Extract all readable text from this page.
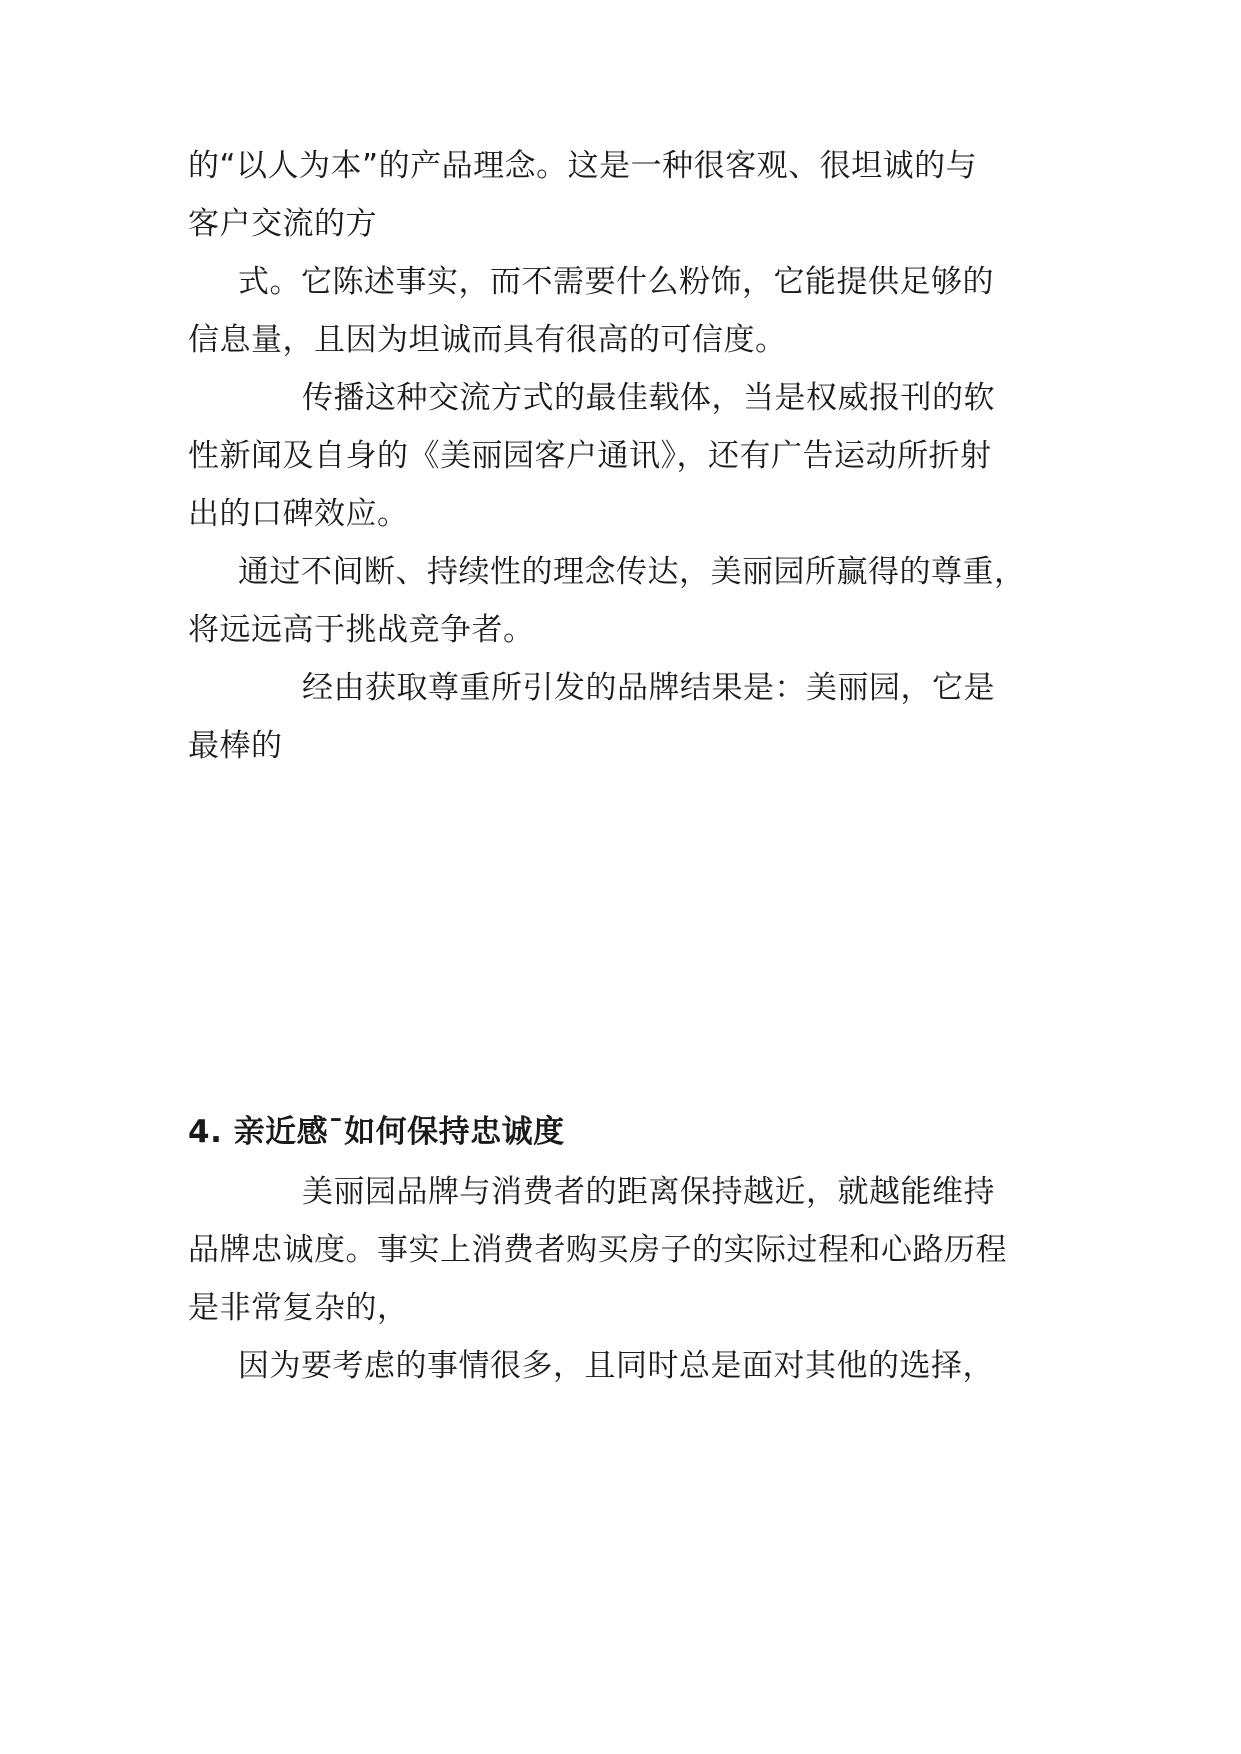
的“以人为本”的产品理念。这是一种很客观、很坦诚的与
客户交流的方
式。它陈述事实，而不需要什么粉饰，它能提供足够的
信息量，且因为坦诚而具有很高的可信度。
传播这种交流方式的最佳载体，当是权威报刊的软
性新闻及自身的《美丽园客户通讯》，还有广告运动所折射
出的口碑效应。
通过不间断、持续性的理念传达，美丽园所赢得的尊重，
将远远高于挑战竞争者。
经由获取尊重所引发的品牌结果是：美丽园，它是
最棒的
4. 亲近感¯如何保持忠诚度
美丽园品牌与消费者的距离保持越近，就越能维持
品牌忠诚度。事实上消费者购买房子的实际过程和心路历程
是非常复杂的，
因为要考虑的事情很多，且同时总是面对其他的选择，
